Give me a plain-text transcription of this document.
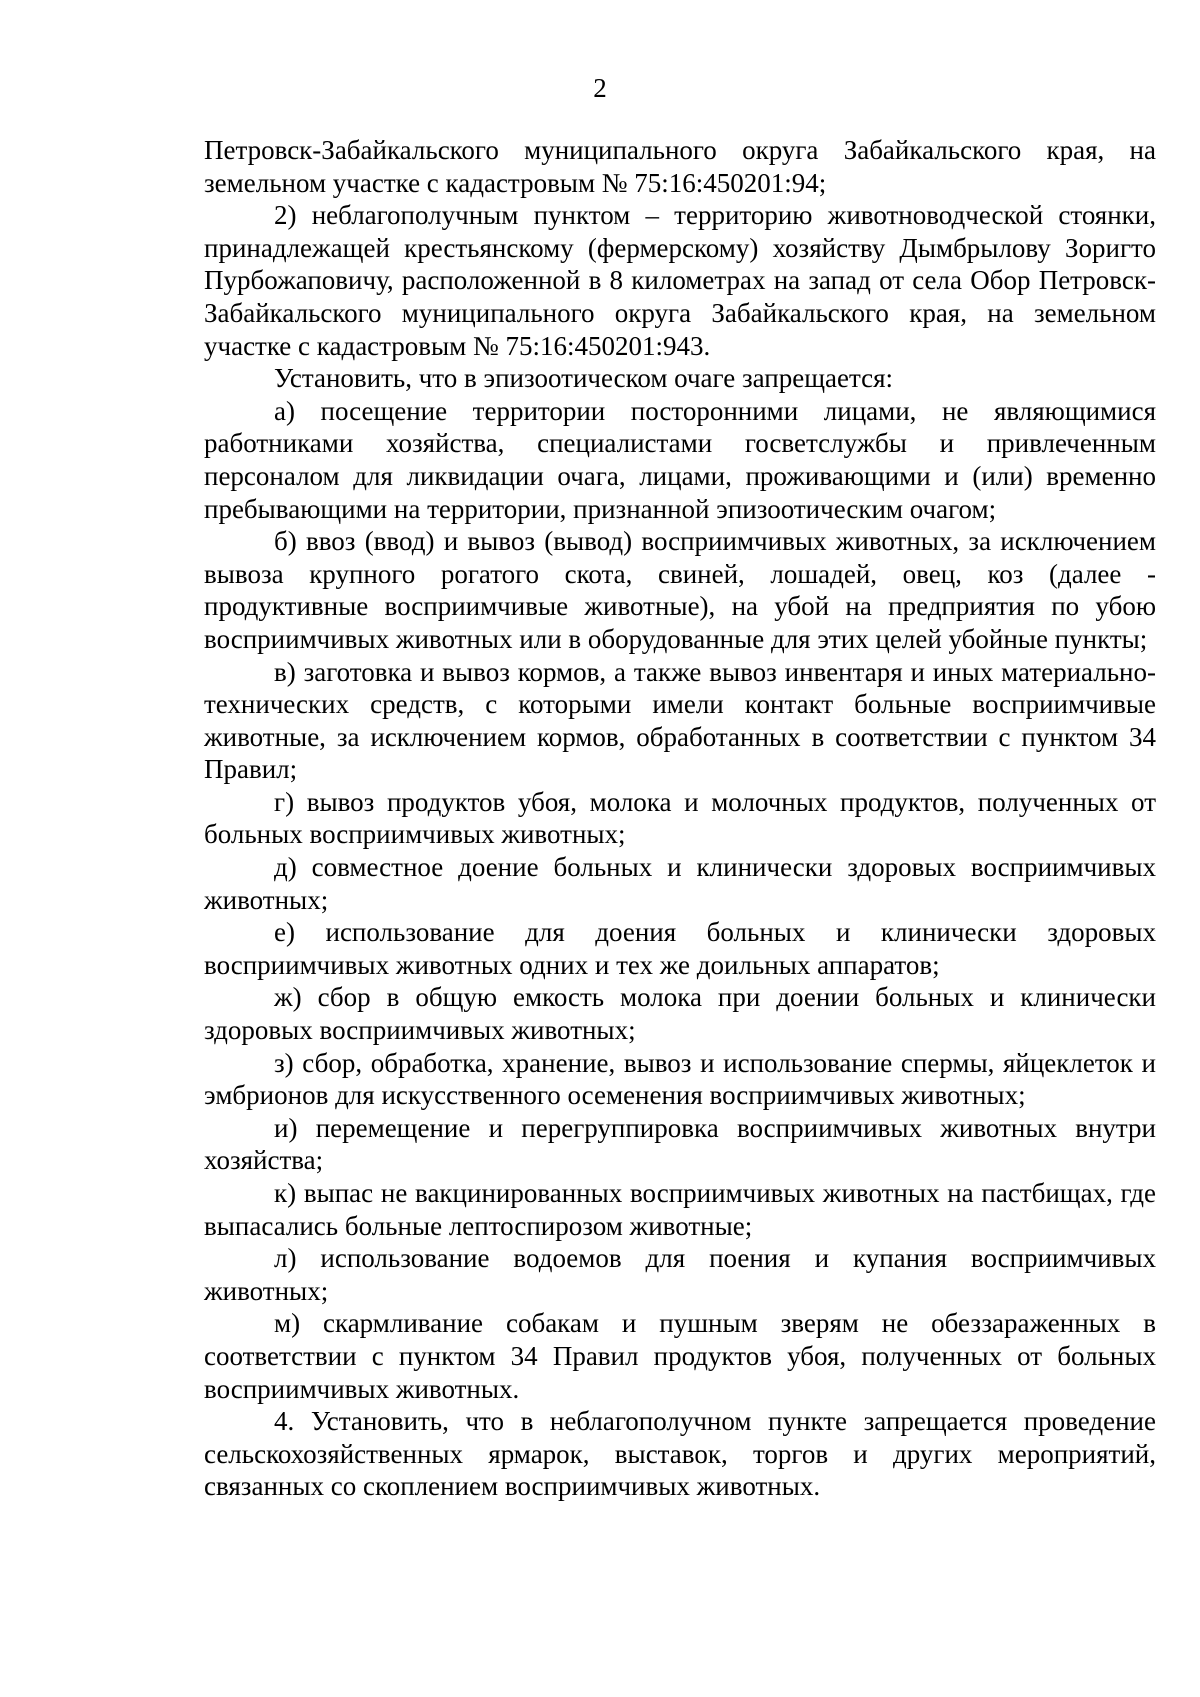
2

Петровск-Забайкальского муниципального округа Забайкальского края, на земельном участке с кадастровым № 75:16:450201:94;

2) неблагополучным пунктом – территорию животноводческой стоянки, принадлежащей крестьянскому (фермерскому) хозяйству Дымбрылову Зоригто Пурбожаповичу, расположенной в 8 километрах на запад от села Обор Петровск-Забайкальского муниципального округа Забайкальского края, на земельном участке с кадастровым № 75:16:450201:943.

Установить, что в эпизоотическом очаге запрещается:

а) посещение территории посторонними лицами, не являющимися работниками хозяйства, специалистами госветслужбы и привлеченным персоналом для ликвидации очага, лицами, проживающими и (или) временно пребывающими на территории, признанной эпизоотическим очагом;

б) ввоз (ввод) и вывоз (вывод) восприимчивых животных, за исключением вывоза крупного рогатого скота, свиней, лошадей, овец, коз (далее - продуктивные восприимчивые животные), на убой на предприятия по убою восприимчивых животных или в оборудованные для этих целей убойные пункты;

в) заготовка и вывоз кормов, а также вывоз инвентаря и иных материально-технических средств, с которыми имели контакт больные восприимчивые животные, за исключением кормов, обработанных в соответствии с пунктом 34 Правил;

г) вывоз продуктов убоя, молока и молочных продуктов, полученных от больных восприимчивых животных;

д) совместное доение больных и клинически здоровых восприимчивых животных;

е) использование для доения больных и клинически здоровых восприимчивых животных одних и тех же доильных аппаратов;

ж) сбор в общую емкость молока при доении больных и клинически здоровых восприимчивых животных;

з) сбор, обработка, хранение, вывоз и использование спермы, яйцеклеток и эмбрионов для искусственного осеменения восприимчивых животных;

и) перемещение и перегруппировка восприимчивых животных внутри хозяйства;

к) выпас не вакцинированных восприимчивых животных на пастбищах, где выпасались больные лептоспирозом животные;

л) использование водоемов для поения и купания восприимчивых животных;

м) скармливание собакам и пушным зверям не обеззараженных в соответствии с пунктом 34 Правил продуктов убоя, полученных от больных восприимчивых животных.

4. Установить, что в неблагополучном пункте запрещается проведение сельскохозяйственных ярмарок, выставок, торгов и других мероприятий, связанных со скоплением восприимчивых животных.
